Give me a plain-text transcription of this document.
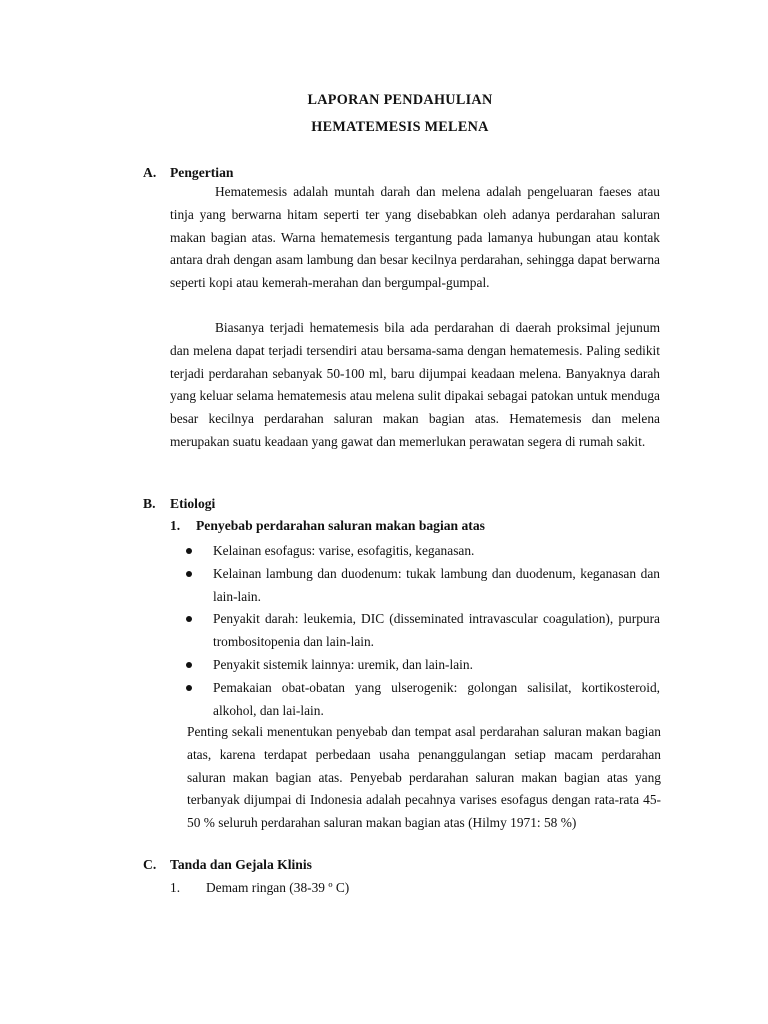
LAPORAN PENDAHULIAN
HEMATEMESIS MELENA
A. Pengertian

Hematemesis adalah muntah darah dan melena adalah pengeluaran faeses atau tinja yang berwarna hitam seperti ter yang disebabkan oleh adanya perdarahan saluran makan bagian atas. Warna hematemesis tergantung pada lamanya hubungan atau kontak antara drah dengan asam lambung dan besar kecilnya perdarahan, sehingga dapat berwarna seperti kopi atau kemerah-merahan dan bergumpal-gumpal.

Biasanya terjadi hematemesis bila ada perdarahan di daerah proksimal jejunum dan melena dapat terjadi tersendiri atau bersama-sama dengan hematemesis. Paling sedikit terjadi perdarahan sebanyak 50-100 ml, baru dijumpai keadaan melena. Banyaknya darah yang keluar selama hematemesis atau melena sulit dipakai sebagai patokan untuk menduga besar kecilnya perdarahan saluran makan bagian atas. Hematemesis dan melena merupakan suatu keadaan yang gawat dan memerlukan perawatan segera di rumah sakit.

B. Etiologi
1. Penyebab perdarahan saluran makan bagian atas
Kelainan esofagus: varise, esofagitis, keganasan.
Kelainan lambung dan duodenum: tukak lambung dan duodenum, keganasan dan lain-lain.
Penyakit darah: leukemia, DIC (disseminated intravascular coagulation), purpura trombositopenia dan lain-lain.
Penyakit sistemik lainnya: uremik, dan lain-lain.
Pemakaian obat-obatan yang ulserogenik: golongan salisilat, kortikosteroid, alkohol, dan lai-lain.

Penting sekali menentukan penyebab dan tempat asal perdarahan saluran makan bagian atas, karena terdapat perbedaan usaha penanggulangan setiap macam perdarahan saluran makan bagian atas. Penyebab perdarahan saluran makan bagian atas yang terbanyak dijumpai di Indonesia adalah pecahnya varises esofagus dengan rata-rata 45-50 % seluruh perdarahan saluran makan bagian atas (Hilmy 1971: 58 %)

C. Tanda dan Gejala Klinis
1. Demam ringan (38-39 º C)
